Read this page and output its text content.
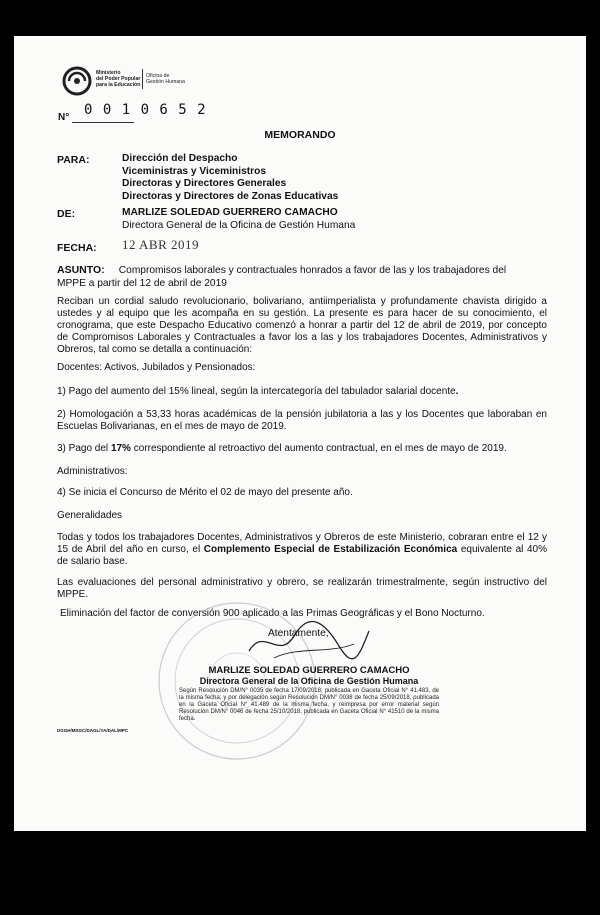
Ministerio
del Poder Popular
para la Educación
Oficina de
Gestión Humana
N° 0 0 1 0 6 5 2
MEMORANDO
PARA:	Dirección del Despacho
Viceministras y Viceministros
Directoras y Directores Generales
Directoras y Directores de Zonas Educativas
DE:	MARLIZE SOLEDAD GUERRERO CAMACHO
Directora General de la Oficina de Gestión Humana
FECHA: 12 ABR 2019
ASUNTO: Compromisos laborales y contractuales honrados a favor de las y los trabajadores del
MPPE a partir del 12 de abril de 2019
Reciban un cordial saludo revolucionario, bolivariano, antiimperialista y profundamente chavista dirigido a ustedes y al equipo que les acompaña en su gestión. La presente es para hacer de su conocimiento, el cronograma, que este Despacho Educativo comenzó a honrar a partir del 12 de abril de 2019, por concepto de Compromisos Laborales y Contractuales a favor los a las y los trabajadores Docentes, Administrativos y Obreros, tal como se detalla a continuación:
Docentes: Activos, Jubilados y Pensionados:
1) Pago del aumento del 15% lineal, según la intercategoría del tabulador salarial docente.
2) Homologación a 53,33 horas académicas de la pensión jubilatoria a las y los Docentes que laboraban en Escuelas Bolivarianas, en el mes de mayo de 2019.
3) Pago del 17% correspondiente al retroactivo del aumento contractual, en el mes de mayo de 2019.
Administrativos:
4) Se inicia el Concurso de Mérito el 02 de mayo del presente año.
Generalidades
Todas y todos los trabajadores Docentes, Administrativos y Obreros de este Ministerio, cobraran entre el 12 y 15 de Abril del año en curso, el Complemento Especial de Estabilización Económica equivalente al 40% de salario base.
Las evaluaciones del personal administrativo y obrero, se realizarán trimestralmente, según instructivo del MPPE.
Eliminación del factor de conversión 900 aplicado a las Primas Geográficas y el Bono Nocturno.
Atentamente,
MARLIZE SOLEDAD GUERRERO CAMACHO
Directora General de la Oficina de Gestión Humana
Según Resolución DM/N° 0035 de fecha 17/09/2018, publicada en Gaceta Oficial N° 41.483, de la misma fecha; y por delegación según Resolución DM/N° 0038 de fecha 25/09/2018, publicada en la Gaceta Oficial N° 41.489 de la misma fecha, y reimpresa por error material según Resolución DM/N° 0046 de fecha 25/10/2018, publicada en Gaceta Oficial N° 41510 de la misma fecha.
DGGH/MSGC/DAGL/YA/DAL/MPC
